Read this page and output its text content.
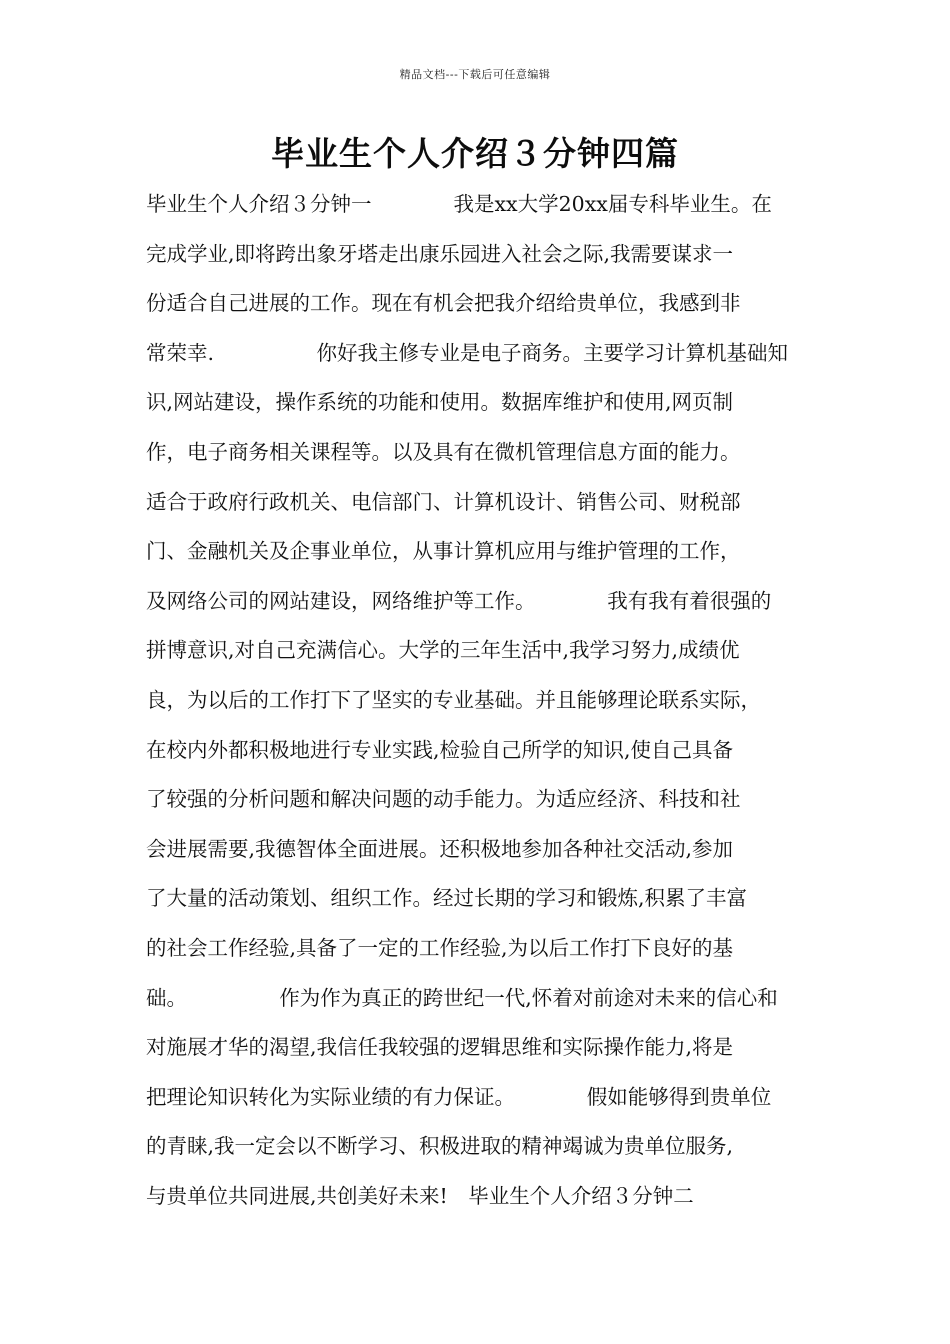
精品文档---下载后可任意编辑
毕业生个人介绍３分钟四篇
毕业生个人介绍３分钟一　　　　我是xx大学20xx届专科毕业生。在
完成学业,即将跨出象牙塔走出康乐园进入社会之际,我需要谋求一
份适合自己进展的工作。现在有机会把我介绍给贵单位，我感到非
常荣幸.　　　　　你好我主修专业是电子商务。主要学习计算机基础知
识,网站建设，操作系统的功能和使用。数据库维护和使用,网页制
作，电子商务相关课程等。以及具有在微机管理信息方面的能力。
适合于政府行政机关、电信部门、计算机设计、销售公司、财税部
门、金融机关及企事业单位，从事计算机应用与维护管理的工作，
及网络公司的网站建设，网络维护等工作。　　　　我有我有着很强的
拼博意识,对自己充满信心。大学的三年生活中,我学习努力,成绩优
良，为以后的工作打下了坚实的专业基础。并且能够理论联系实际，
在校内外都积极地进行专业实践,检验自己所学的知识,使自己具备
了较强的分析问题和解决问题的动手能力。为适应经济、科技和社
会进展需要,我德智体全面进展。还积极地参加各种社交活动,参加
了大量的活动策划、组织工作。经过长期的学习和锻炼,积累了丰富
的社会工作经验,具备了一定的工作经验,为以后工作打下良好的基
础。　　　　　作为作为真正的跨世纪一代,怀着对前途对未来的信心和
对施展才华的渴望,我信任我较强的逻辑思维和实际操作能力,将是
把理论知识转化为实际业绩的有力保证。　　　　假如能够得到贵单位
的青睐,我一定会以不断学习、积极进取的精神竭诚为贵单位服务,
与贵单位共同进展,共创美好未来!　毕业生个人介绍３分钟二
